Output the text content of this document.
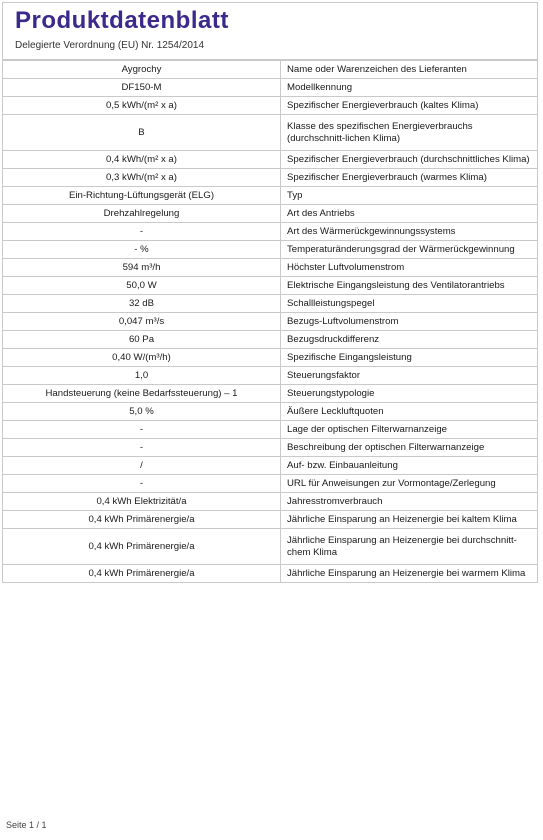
Produktdatenblatt
Delegierte Verordnung (EU) Nr. 1254/2014
Aygrochy	Name oder Warenzeichen des Lieferanten
DF150-M	Modellkennung
0,5 kWh/(m² x a)	Spezifischer Energieverbrauch (kaltes Klima)
B	Klasse des spezifischen Energieverbrauchs (durchschnitt-lichen Klima)
0,4 kWh/(m² x a)	Spezifischer Energieverbrauch (durchschnittliches Klima)
0,3 kWh/(m² x a)	Spezifischer Energieverbrauch (warmes Klima)
Ein-Richtung-Lüftungsgerät (ELG)	Typ
Drehzahlregelung	Art des Antriebs
-	Art des Wärmerückgewinnungssystems
- %	Temperaturänderungsgrad der Wärmerückgewinnung
594 m³/h	Höchster Luftvolumenstrom
50,0 W	Elektrische Eingangsleistung des Ventilatorantriebs
32 dB	Schallleistungspegel
0,047 m³/s	Bezugs-Luftvolumenstrom
60 Pa	Bezugsdruckdifferenz
0,40 W/(m³/h)	Spezifische Eingangsleistung
1,0	Steuerungsfaktor
Handsteuerung (keine Bedarfssteuerung) – 1	Steuerungstypologie
5,0 %	Äußere Leckluftquoten
-	Lage der optischen Filterwarnanzeige
-	Beschreibung der optischen Filterwarnanzeige
/	Auf- bzw. Einbauanleitung
-	URL für Anweisungen zur Vormontage/Zerlegung
0,4 kWh Elektrizität/a	Jahresstromverbrauch
0,4 kWh Primärenergie/a	Jährliche Einsparung an Heizenergie bei kaltem Klima
0,4 kWh Primärenergie/a	Jährliche Einsparung an Heizenergie bei durchschnitt-chem Klima
0,4 kWh Primärenergie/a	Jährliche Einsparung an Heizenergie bei warmem Klima
Seite 1 / 1
